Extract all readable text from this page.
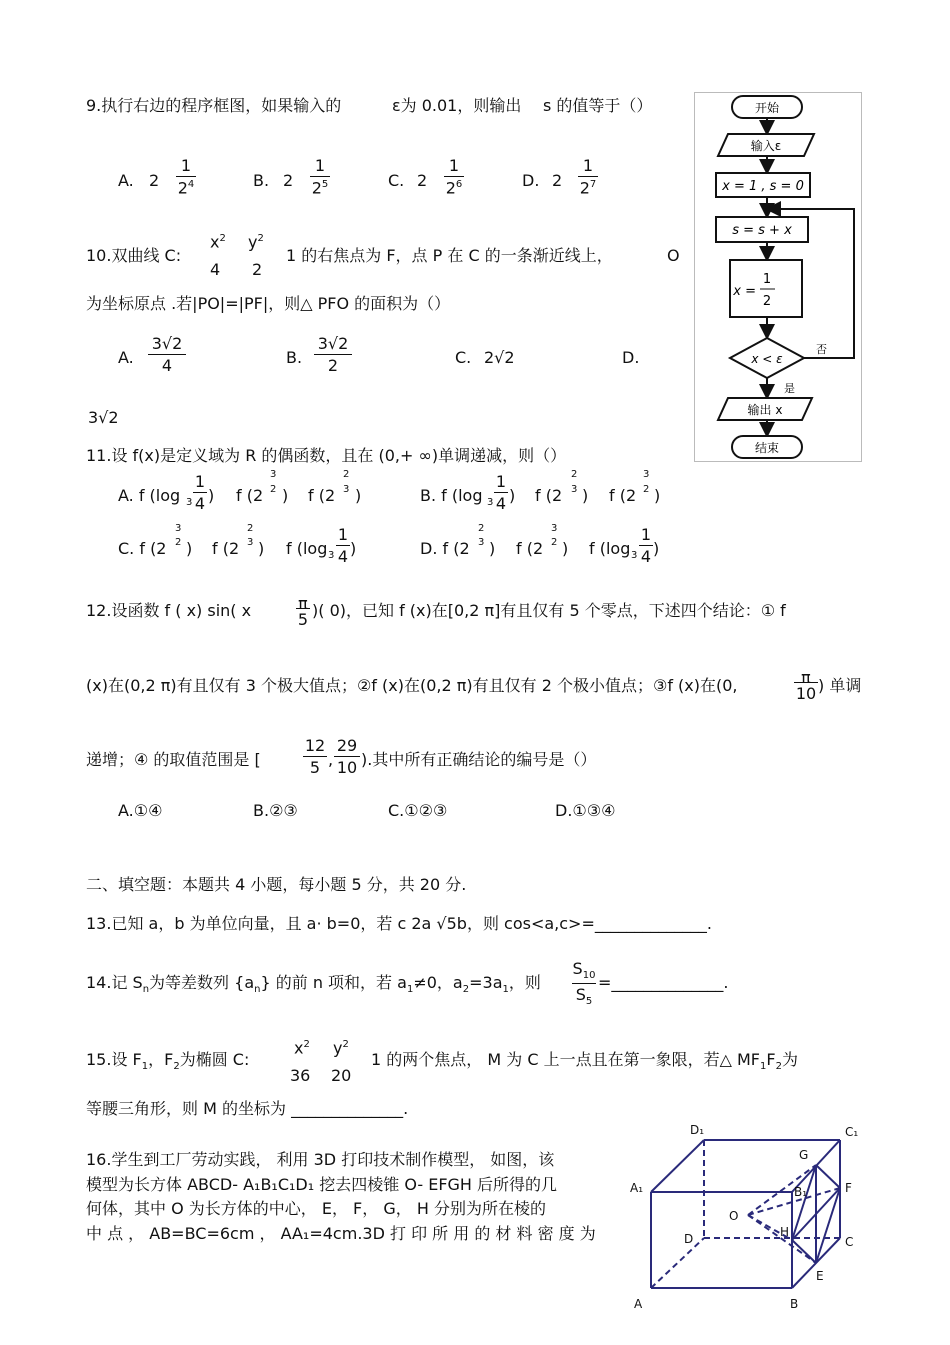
9.执行右边的程序框图，如果输入的	ε为 0.01，则输出 s 的值等于（）
A. $2 \frac{1}{2^4}$	B. $2 \frac{1}{2^5}$	C. $2 \frac{1}{2^6}$	D. $2 \frac{1}{2^7}$
开始
输入ε
x = 1 , s = 0
s = s + x
x =
1
2
x < ε
否
是
输出 x
结束
10.双曲线 C:
$x^2$
4
$y^2$
2
1 的右焦点为 F，点 P 在 C 的一条渐近线上，	O
为坐标原点 .若|PO|=|PF|，则△ PFO 的面积为（）
A. $\frac{3√2}{4}$	B. $\frac{3√2}{2}$	C. 2√2	D.
3√2
11.设 f(x)是定义域为 R 的偶函数，且在 (0,+ ∞)单调递减，则（）
A. f (log $3 \frac{1}{4}$ ) f (2
3
2 ) f (2
2
3 )	B. f (log $3 \frac{1}{4}$ ) f (2
2
3 ) f (2
3
2 )
C. f (2
3
2 ) f (2
2
3 ) f (log $3 \frac{1}{4}$ )	D. f (2
2
3 ) f (2
3
2 ) f (log $3 \frac{1}{4}$ )
12.设函数 f ( x) sin( x	$\frac{\pi}{5}$ )( 0)，已知 f (x)在[0,2 π]有且仅有 5 个零点，下述四个结论：① f
(x)在(0,2 π)有且仅有 3 个极大值点；②f (x)在(0,2 π)有且仅有 2 个极小值点；③f (x)在(0,	$\frac{\pi}{10}$ ) 单调
递增；④ 的取值范围是 [	$\frac{12}{5}$ , $\frac{29}{10}$ ).其中所有正确结论的编号是（）
A.①④	B.②③	C.①②③	D.①③④
二、填空题：本题共 4 小题，每小题 5 分，共 20 分.
13.已知 a，b 为单位向量，且 a· b=0，若 c 2a √5b，则 cos<a,c>=______________.
14.记 $S_n$为等差数列 $\{a_n\}$ 的前 n 项和，若 $a_1\ne 0$，$a_2=3a_1$，则 $\frac{S_{10}}{S_5}$ =______________.
15.设 $F_1$，$F_2$为椭圆 C:
$x^2$
36
$y^2$
20
1 的两个焦点， M 为 C 上一点且在第一象限，若△ $MF_1F_2$为
等腰三角形，则 M 的坐标为 ______________.
16.学生到工厂劳动实践， 利用 3D 打印技术制作模型， 如图，该
模型为长方体 ABCD- A₁B₁C₁D₁ 挖去四棱锥 O- EFGH 后所得的几
何体，其中 O 为长方体的中心， E， F， G， H 分别为所在棱的
中 点 ， AB=BC=6cm ， AA₁=4cm.3D 打 印 所 用 的 材 料 密 度 为
D₁	C₁
A₁	B₁
G
F
O
H
D	C
E
A	B
